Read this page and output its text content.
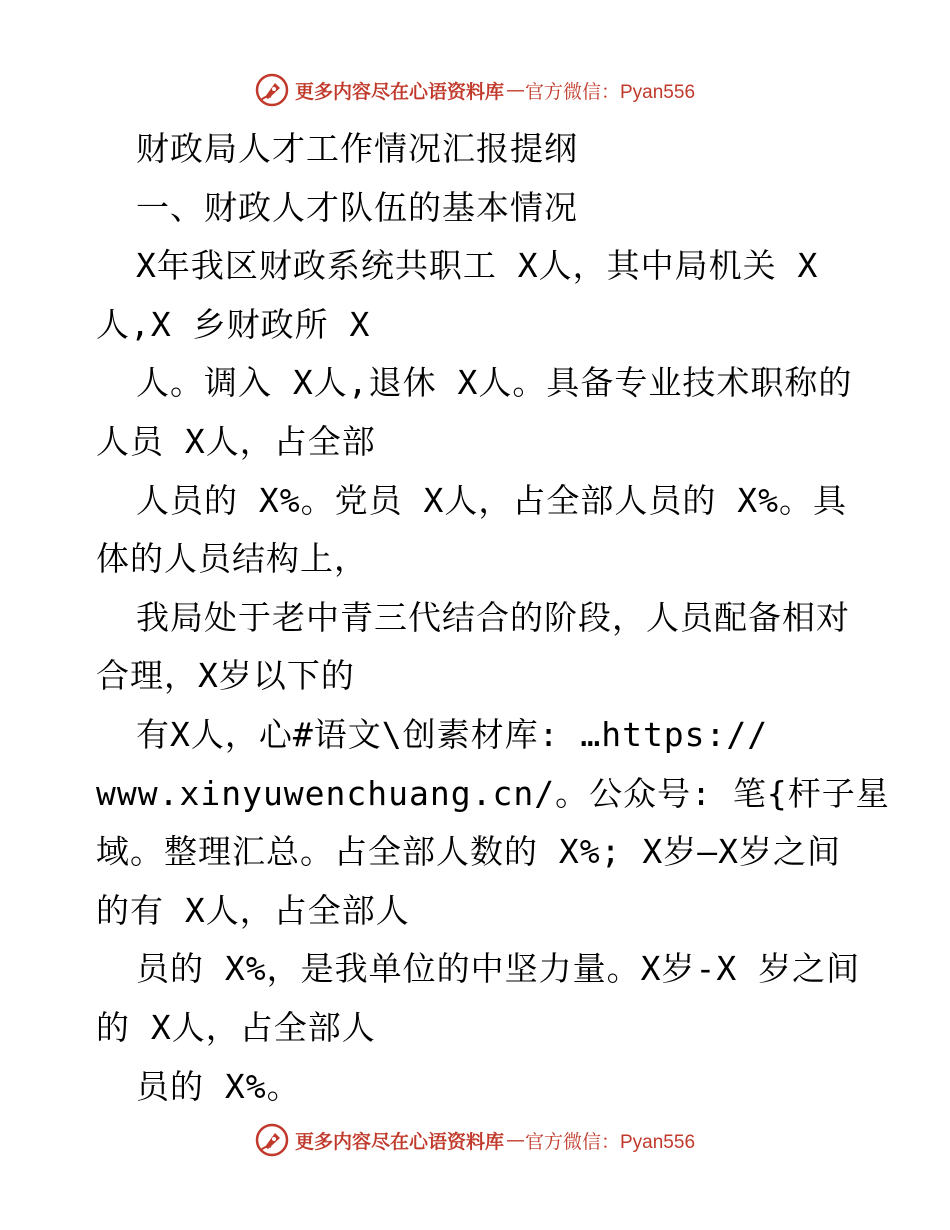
更多内容尽在心语资料库 — 官方微信：Pyan556
财政局人才工作情况汇报提纲
一、财政人才队伍的基本情况
X年我区财政系统共职工 X人，其中局机关 X
人,X 乡财政所 X
人。调入 X人,退休 X人。具备专业技术职称的
人员 X人，占全部
人员的 X%。党员 X人，占全部人员的 X%。具
体的人员结构上，
我局处于老中青三代结合的阶段，人员配备相对
合理，X岁以下的
有X人，心#语文\创素材库: …https://
www.xinyuwenchuang.cn/。公众号: 笔{杆子星
域。整理汇总。占全部人数的 X%; X岁—X岁之间
的有 X人，占全部人
员的 X%，是我单位的中坚力量。X岁-X 岁之间
的 X人，占全部人
员的 X%。
更多内容尽在心语资料库 — 官方微信：Pyan556
